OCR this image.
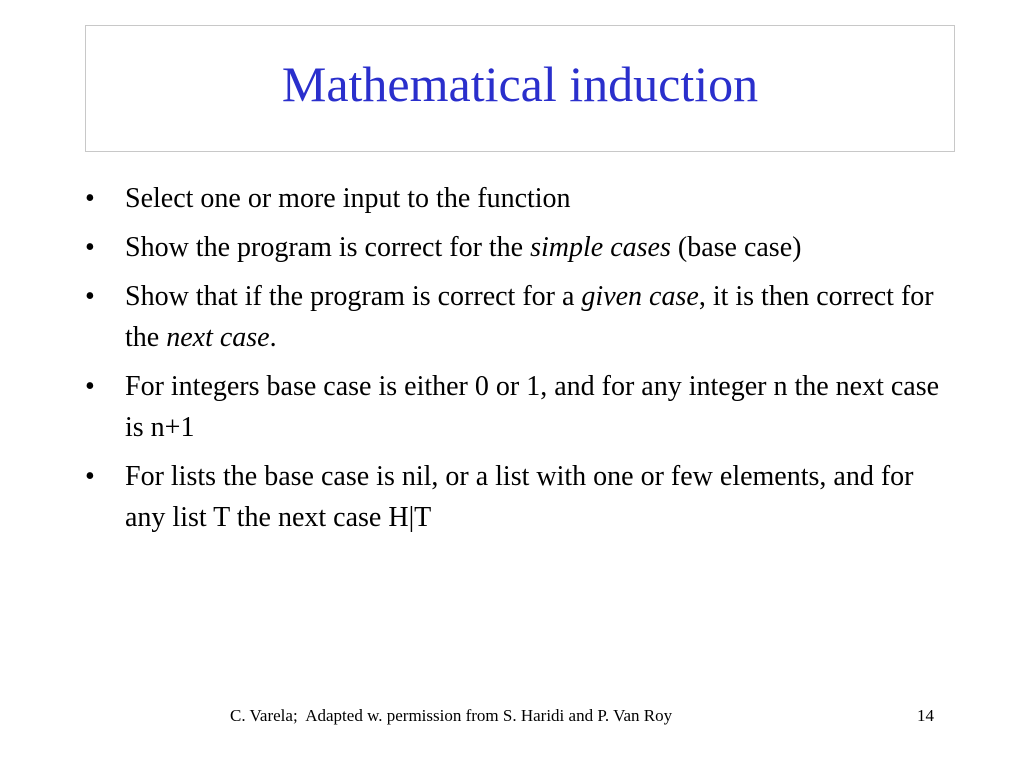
Mathematical induction
•	Select one or more input to the function
•	Show the program is correct for the simple cases (base case)
•	Show that if the program is correct for a given case, it is then correct for the next case.
•	For integers base case is either 0 or 1, and for any integer n the next case is n+1
•	For lists the base case is nil, or a list with one or few elements, and for any list T the next case H|T
C. Varela;  Adapted w. permission from S. Haridi and P. Van Roy	14
